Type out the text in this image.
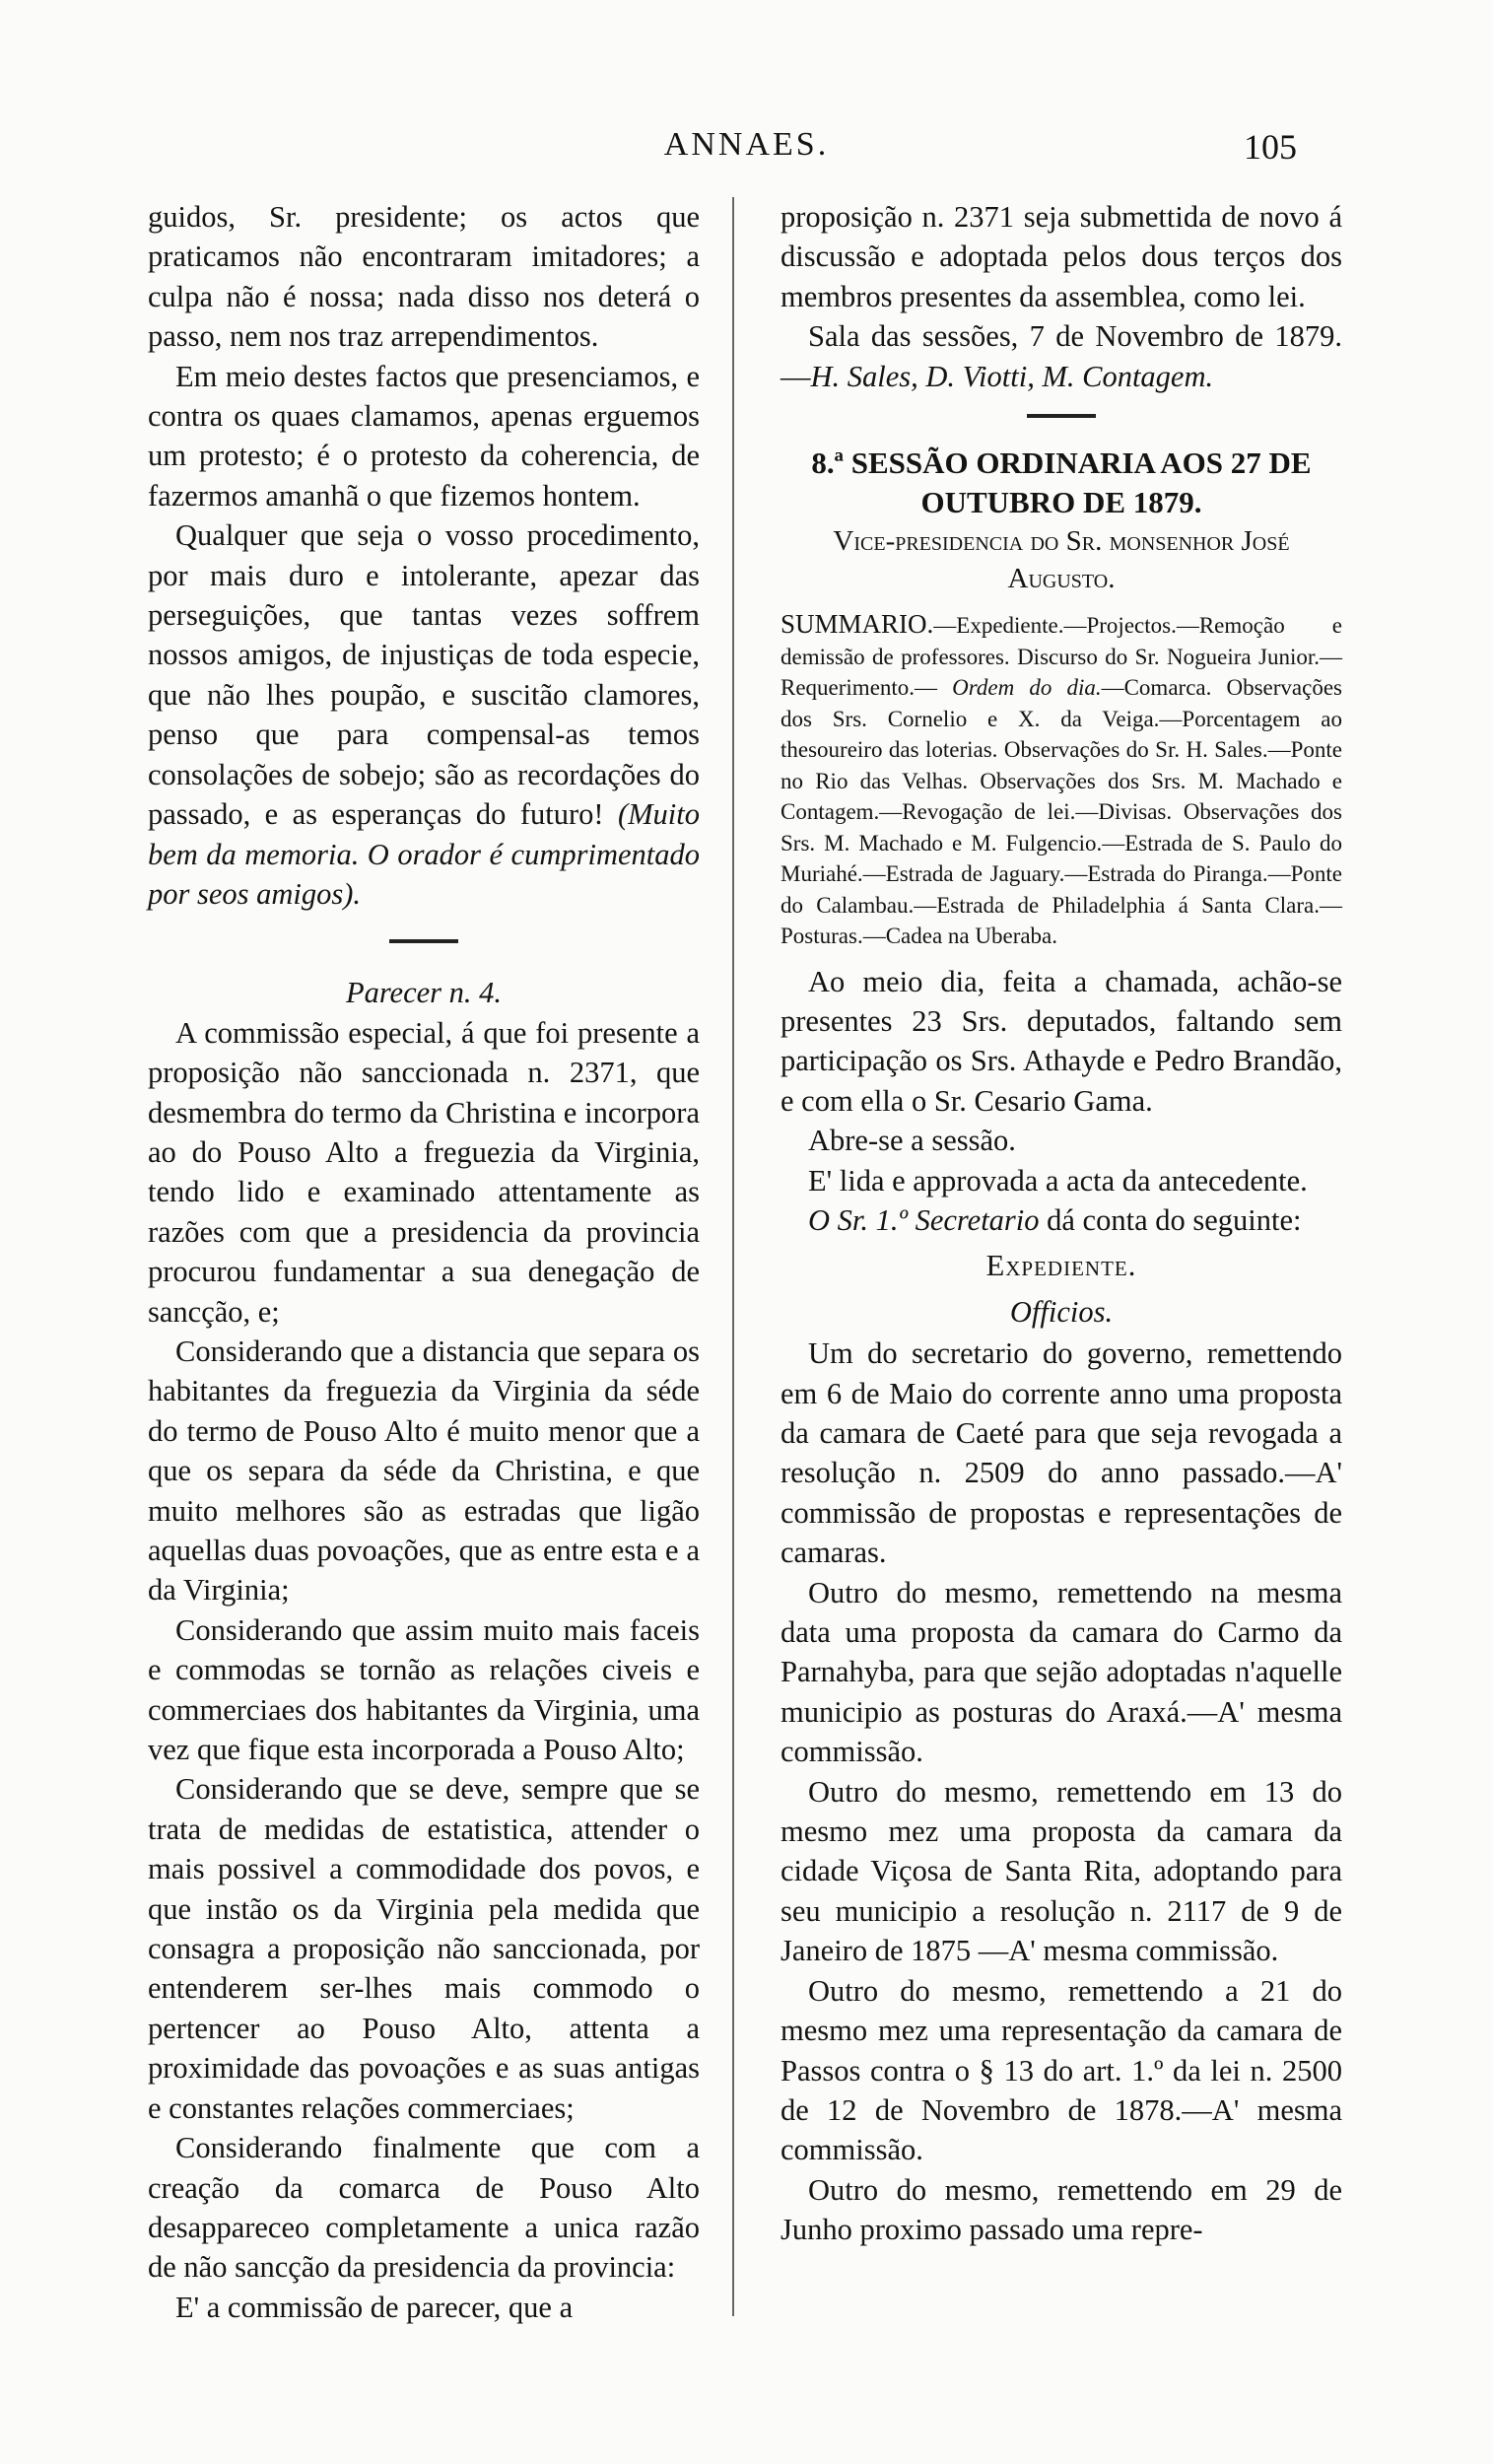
ANNAES.	105

guidos, Sr. presidente; os actos que praticamos não encontraram imitadores; a culpa não é nossa; nada disso nos deterá o passo, nem nos traz arrependimentos.

Em meio destes factos que presenciamos, e contra os quaes clamamos, apenas erguemos um protesto; é o protesto da coherencia, de fazermos amanhã o que fizemos hontem.

Qualquer que seja o vosso procedimento, por mais duro e intolerante, apezar das perseguições, que tantas vezes soffrem nossos amigos, de injustiças de toda especie, que não lhes poupão, e suscitão clamores, penso que para compensal-as temos consolações de sobejo; são as recordações do passado, e as esperanças do futuro! (Muito bem da memoria. O orador é cumprimentado por seos amigos).

Parecer n. 4.

A commissão especial, á que foi presente a proposição não sanccionada n. 2371, que desmembra do termo da Christina e incorpora ao do Pouso Alto a freguezia da Virginia, tendo lido e examinado attentamente as razões com que a presidencia da provincia procurou fundamentar a sua denegação de sancção, e;

Considerando que a distancia que separa os habitantes da freguezia da Virginia da séde do termo de Pouso Alto é muito menor que a que os separa da séde da Christina, e que muito melhores são as estradas que ligão aquellas duas povoações, que as entre esta e a da Virginia;

Considerando que assim muito mais faceis e commodas se tornão as relações civeis e commerciaes dos habitantes da Virginia, uma vez que fique esta incorporada a Pouso Alto;

Considerando que se deve, sempre que se trata de medidas de estatistica, attender o mais possivel a commodidade dos povos, e que instão os da Virginia pela medida que consagra a proposição não sanccionada, por entenderem ser-lhes mais commodo o pertencer ao Pouso Alto, attenta a proximidade das povoações e as suas antigas e constantes relações commerciaes;

Considerando finalmente que com a creação da comarca de Pouso Alto desappareceo completamente a unica razão de não sancção da presidencia da provincia:

E' a commissão de parecer, que a

proposição n. 2371 seja submettida de novo á discussão e adoptada pelos dous terços dos membros presentes da assemblea, como lei.

Sala das sessões, 7 de Novembro de 1879.—H. Sales, D. Viotti, M. Contagem.

8.ª SESSÃO ORDINARIA AOS 27 DE OUTUBRO DE 1879.

Vice-presidencia do Sr. monsenhor José Augusto.

SUMMARIO.—Expediente.—Projectos.—Remoção e demissão de professores. Discurso do Sr. Nogueira Junior.—Requerimento.— Ordem do dia.—Comarca. Observações dos Srs. Cornelio e X. da Veiga.—Porcentagem ao thesoureiro das loterias. Observações do Sr. H. Sales.—Ponte no Rio das Velhas. Observações dos Srs. M. Machado e Contagem.—Revogação de lei.—Divisas. Observações dos Srs. M. Machado e M. Fulgencio.—Estrada de S. Paulo do Muriahé.—Estrada de Jaguary.—Estrada do Piranga.—Ponte do Calambau.—Estrada de Philadelphia á Santa Clara.—Posturas.—Cadea na Uberaba.

Ao meio dia, feita a chamada, achão-se presentes 23 Srs. deputados, faltando sem participação os Srs. Athayde e Pedro Brandão, e com ella o Sr. Cesario Gama.

Abre-se a sessão.

E' lida e approvada a acta da antecedente.

O Sr. 1.º Secretario dá conta do seguinte:

Expediente.

Officios.

Um do secretario do governo, remettendo em 6 de Maio do corrente anno uma proposta da camara de Caeté para que seja revogada a resolução n. 2509 do anno passado.—A' commissão de propostas e representações de camaras.

Outro do mesmo, remettendo na mesma data uma proposta da camara do Carmo da Parnahyba, para que sejão adoptadas n'aquelle municipio as posturas do Araxá.—A' mesma commissão.

Outro do mesmo, remettendo em 13 do mesmo mez uma proposta da camara da cidade Viçosa de Santa Rita, adoptando para seu municipio a resolução n. 2117 de 9 de Janeiro de 1875 —A' mesma commissão.

Outro do mesmo, remettendo a 21 do mesmo mez uma representação da camara de Passos contra o § 13 do art. 1.º da lei n. 2500 de 12 de Novembro de 1878.—A' mesma commissão.

Outro do mesmo, remettendo em 29 de Junho proximo passado uma repre-
